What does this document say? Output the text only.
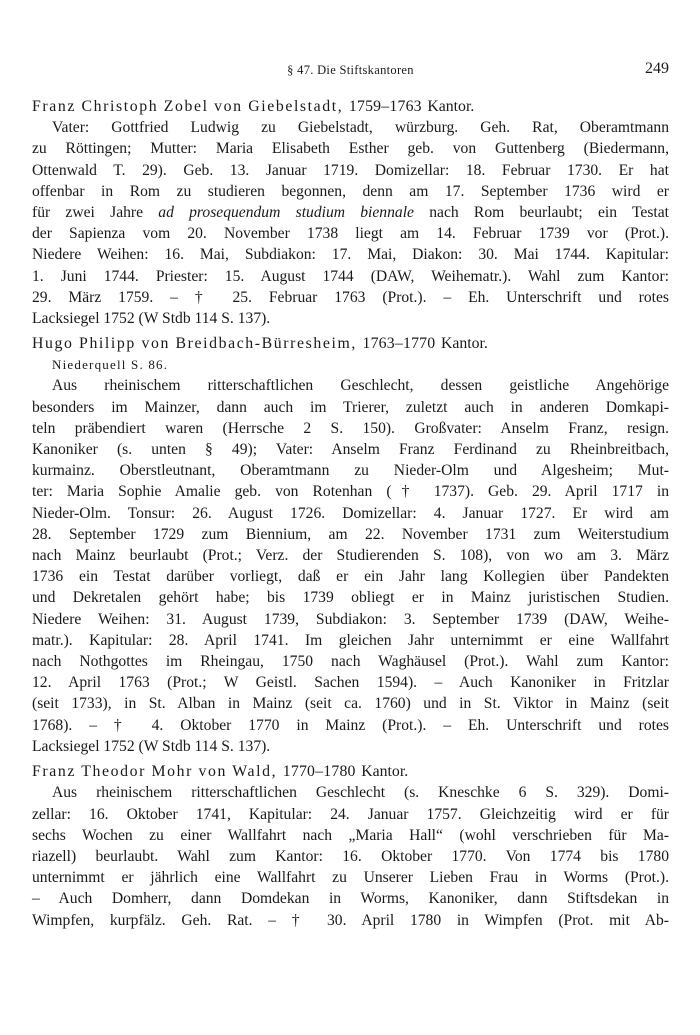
§ 47. Die Stiftskantoren	249
Franz Christoph Zobel von Giebelstadt, 1759–1763 Kantor.
Vater: Gottfried Ludwig zu Giebelstadt, würzburg. Geh. Rat, Oberamtmann
zu Röttingen; Mutter: Maria Elisabeth Esther geb. von Guttenberg (Biedermann,
Ottenwald T. 29). Geb. 13. Januar 1719. Domizellar: 18. Februar 1730. Er hat
offenbar in Rom zu studieren begonnen, denn am 17. September 1736 wird er
für zwei Jahre ad prosequendum studium biennale nach Rom beurlaubt; ein Testat
der Sapienza vom 20. November 1738 liegt am 14. Februar 1739 vor (Prot.).
Niedere Weihen: 16. Mai, Subdiakon: 17. Mai, Diakon: 30. Mai 1744. Kapitular:
1. Juni 1744. Priester: 15. August 1744 (DAW, Weihematr.). Wahl zum Kantor:
29. März 1759. – † 25. Februar 1763 (Prot.). – Eh. Unterschrift und rotes
Lacksiegel 1752 (W Stdb 114 S. 137).
Hugo Philipp von Breidbach-Bürresheim, 1763–1770 Kantor.
Niederquell S. 86.
Aus rheinischem ritterschaftlichen Geschlecht, dessen geistliche Angehörige
besonders im Mainzer, dann auch im Trierer, zuletzt auch in anderen Domkapi-
teln präbendiert waren (Herrsche 2 S. 150). Großvater: Anselm Franz, resign.
Kanoniker (s. unten § 49); Vater: Anselm Franz Ferdinand zu Rheinbreitbach,
kurmainz. Oberstleutnant, Oberamtmann zu Nieder-Olm und Algesheim; Mut-
ter: Maria Sophie Amalie geb. von Rotenhan († 1737). Geb. 29. April 1717 in
Nieder-Olm. Tonsur: 26. August 1726. Domizellar: 4. Januar 1727. Er wird am
28. September 1729 zum Biennium, am 22. November 1731 zum Weiterstudium
nach Mainz beurlaubt (Prot.; Verz. der Studierenden S. 108), von wo am 3. März
1736 ein Testat darüber vorliegt, daß er ein Jahr lang Kollegien über Pandekten
und Dekretalen gehört habe; bis 1739 obliegt er in Mainz juristischen Studien.
Niedere Weihen: 31. August 1739, Subdiakon: 3. September 1739 (DAW, Weihe-
matr.). Kapitular: 28. April 1741. Im gleichen Jahr unternimmt er eine Wallfahrt
nach Nothgottes im Rheingau, 1750 nach Waghäusel (Prot.). Wahl zum Kantor:
12. April 1763 (Prot.; W Geistl. Sachen 1594). – Auch Kanoniker in Fritzlar
(seit 1733), in St. Alban in Mainz (seit ca. 1760) und in St. Viktor in Mainz (seit
1768). – † 4. Oktober 1770 in Mainz (Prot.). – Eh. Unterschrift und rotes
Lacksiegel 1752 (W Stdb 114 S. 137).
Franz Theodor Mohr von Wald, 1770–1780 Kantor.
Aus rheinischem ritterschaftlichen Geschlecht (s. Kneschke 6 S. 329). Domi-
zellar: 16. Oktober 1741, Kapitular: 24. Januar 1757. Gleichzeitig wird er für
sechs Wochen zu einer Wallfahrt nach „Maria Hall“ (wohl verschrieben für Ma-
riazell) beurlaubt. Wahl zum Kantor: 16. Oktober 1770. Von 1774 bis 1780
unternimmt er jährlich eine Wallfahrt zu Unserer Lieben Frau in Worms (Prot.).
– Auch Domherr, dann Domdekan in Worms, Kanoniker, dann Stiftsdekan in
Wimpfen, kurpfälz. Geh. Rat. – † 30. April 1780 in Wimpfen (Prot. mit Ab-
